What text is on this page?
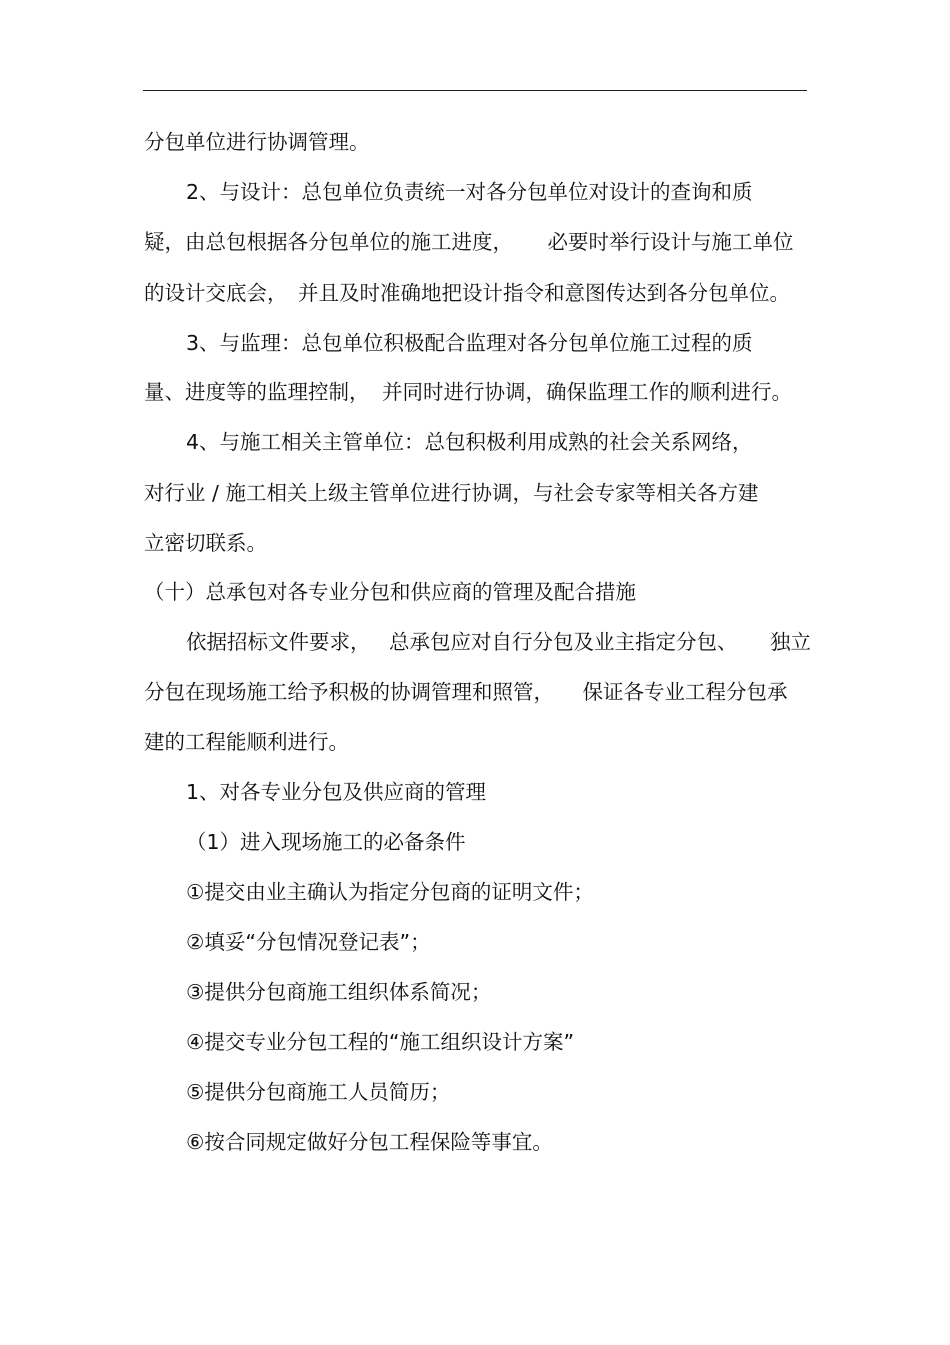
分包单位进行协调管理。
2、与设计：总包单位负责统一对各分包单位对设计的查询和质
疑，由总包根据各分包单位的施工进度， 必要时举行设计与施工单位
的设计交底会， 并且及时准确地把设计指令和意图传达到各分包单位。
3、与监理：总包单位积极配合监理对各分包单位施工过程的质
量、进度等的监理控制， 并同时进行协调，确保监理工作的顺利进行。
4、与施工相关主管单位：总包积极利用成熟的社会关系网络，
对行业 / 施工相关上级主管单位进行协调，与社会专家等相关各方建
立密切联系。
（十）总承包对各专业分包和供应商的管理及配合措施
依据招标文件要求， 总承包应对自行分包及业主指定分包、 独立
分包在现场施工给予积极的协调管理和照管， 保证各专业工程分包承
建的工程能顺利进行。
1、对各专业分包及供应商的管理
（1）进入现场施工的必备条件
①提交由业主确认为指定分包商的证明文件；
②填妥“分包情况登记表”；
③提供分包商施工组织体系简况；
④提交专业分包工程的“施工组织设计方案”
⑤提供分包商施工人员简历；
⑥按合同规定做好分包工程保险等事宜。
